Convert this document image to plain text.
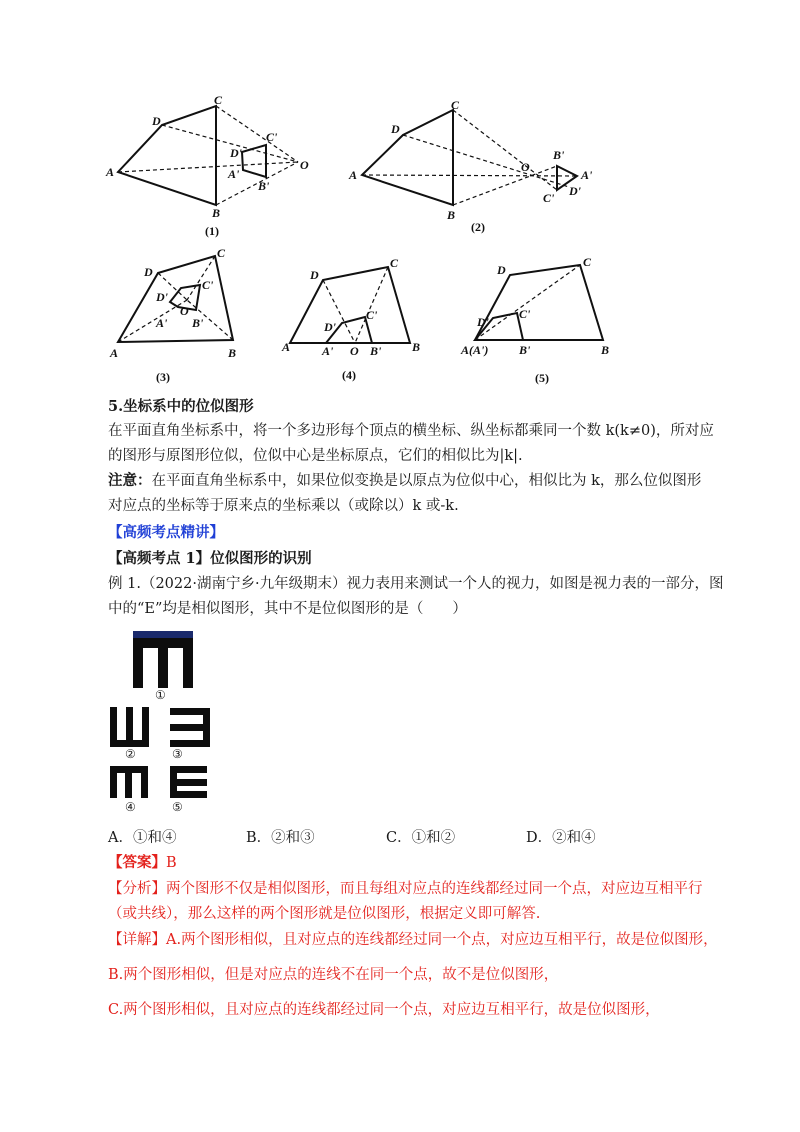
A
B
C
D
O
A'
B'
C'
D'
(1)
A
B
C
D
O
A'
B'
C' D'
(2)
A	B
C
D
O
A' B'
C'
D'
(3)
A	B
C
D
O
A'	B'
C'
D'
(4)
A(A')	B
C
D
B'
C'
D'
(5)
5.坐标系中的位似图形
在平面直角坐标系中，将一个多边形每个顶点的横坐标、纵坐标都乘同一个数 k(k≠0)，所对应
的图形与原图形位似，位似中心是坐标原点，它们的相似比为|k|.
注意：在平面直角坐标系中，如果位似变换是以原点为位似中心，相似比为 k，那么位似图形
对应点的坐标等于原来点的坐标乘以（或除以）k 或-k.
【高频考点精讲】
【高频考点 1】位似图形的识别
例 1.（2022·湖南宁乡·九年级期末）视力表用来测试一个人的视力，如图是视力表的一部分，图
中的“E”均是相似图形，其中不是位似图形的是（　　）
①
②	③
④	⑤
A．①和④	B．②和③	C．①和②	D．②和④
【答案】B
【分析】两个图形不仅是相似图形，而且每组对应点的连线都经过同一个点，对应边互相平行
（或共线），那么这样的两个图形就是位似图形，根据定义即可解答.
【详解】A.两个图形相似，且对应点的连线都经过同一个点，对应边互相平行，故是位似图形，
B.两个图形相似，但是对应点的连线不在同一个点，故不是位似图形，
C.两个图形相似，且对应点的连线都经过同一个点，对应边互相平行，故是位似图形，
